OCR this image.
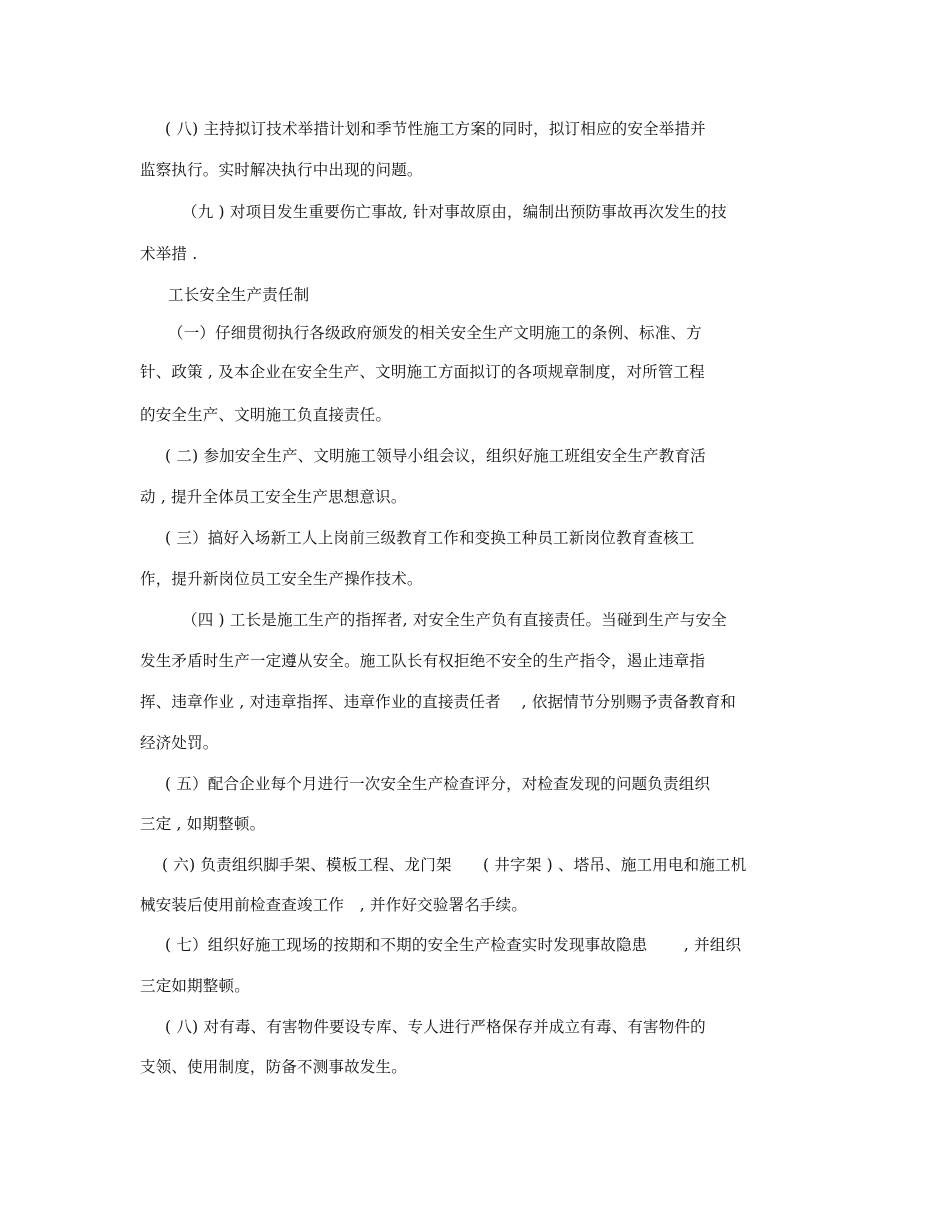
( 八) 主持拟订技术举措计划和季节性施工方案的同时，拟订相应的安全举措并
监察执行。实时解决执行中出现的问题。
（九 ) 对项目发生重要伤亡事故, 针对事故原由，编制出预防事故再次发生的技
术举措 .
工长安全生产责任制
（一）仔细贯彻执行各级政府颁发的相关安全生产文明施工的条例、标准、方
针、政策 , 及本企业在安全生产、文明施工方面拟订的各项规章制度，对所管工程
的安全生产、文明施工负直接责任。
( 二) 参加安全生产、文明施工领导小组会议，组织好施工班组安全生产教育活
动 , 提升全体员工安全生产思想意识。
( 三）搞好入场新工人上岗前三级教育工作和变换工种员工新岗位教育查核工
作，提升新岗位员工安全生产操作技术。
（四 ) 工长是施工生产的指挥者, 对安全生产负有直接责任。当碰到生产与安全
发生矛盾时生产一定遵从安全。施工队长有权拒绝不安全的生产指令，遏止违章指
挥、违章作业 , 对违章指挥、违章作业的直接责任者　 , 依据情节分别赐予责备教育和
经济处罚。
( 五）配合企业每个月进行一次安全生产检查评分，对检查发现的问题负责组织
三定 , 如期整顿。
( 六) 负责组织脚手架、模板工程、龙门架　　( 井字架 ) 、塔吊、施工用电和施工机
械安装后使用前检查查竣工作　, 并作好交验署名手续。
( 七）组织好施工现场的按期和不期的安全生产检查实时发现事故隐患　　 , 并组织
三定如期整顿。
( 八) 对有毒、有害物件要设专库、专人进行严格保存并成立有毒、有害物件的
支领、使用制度，防备不测事故发生。
